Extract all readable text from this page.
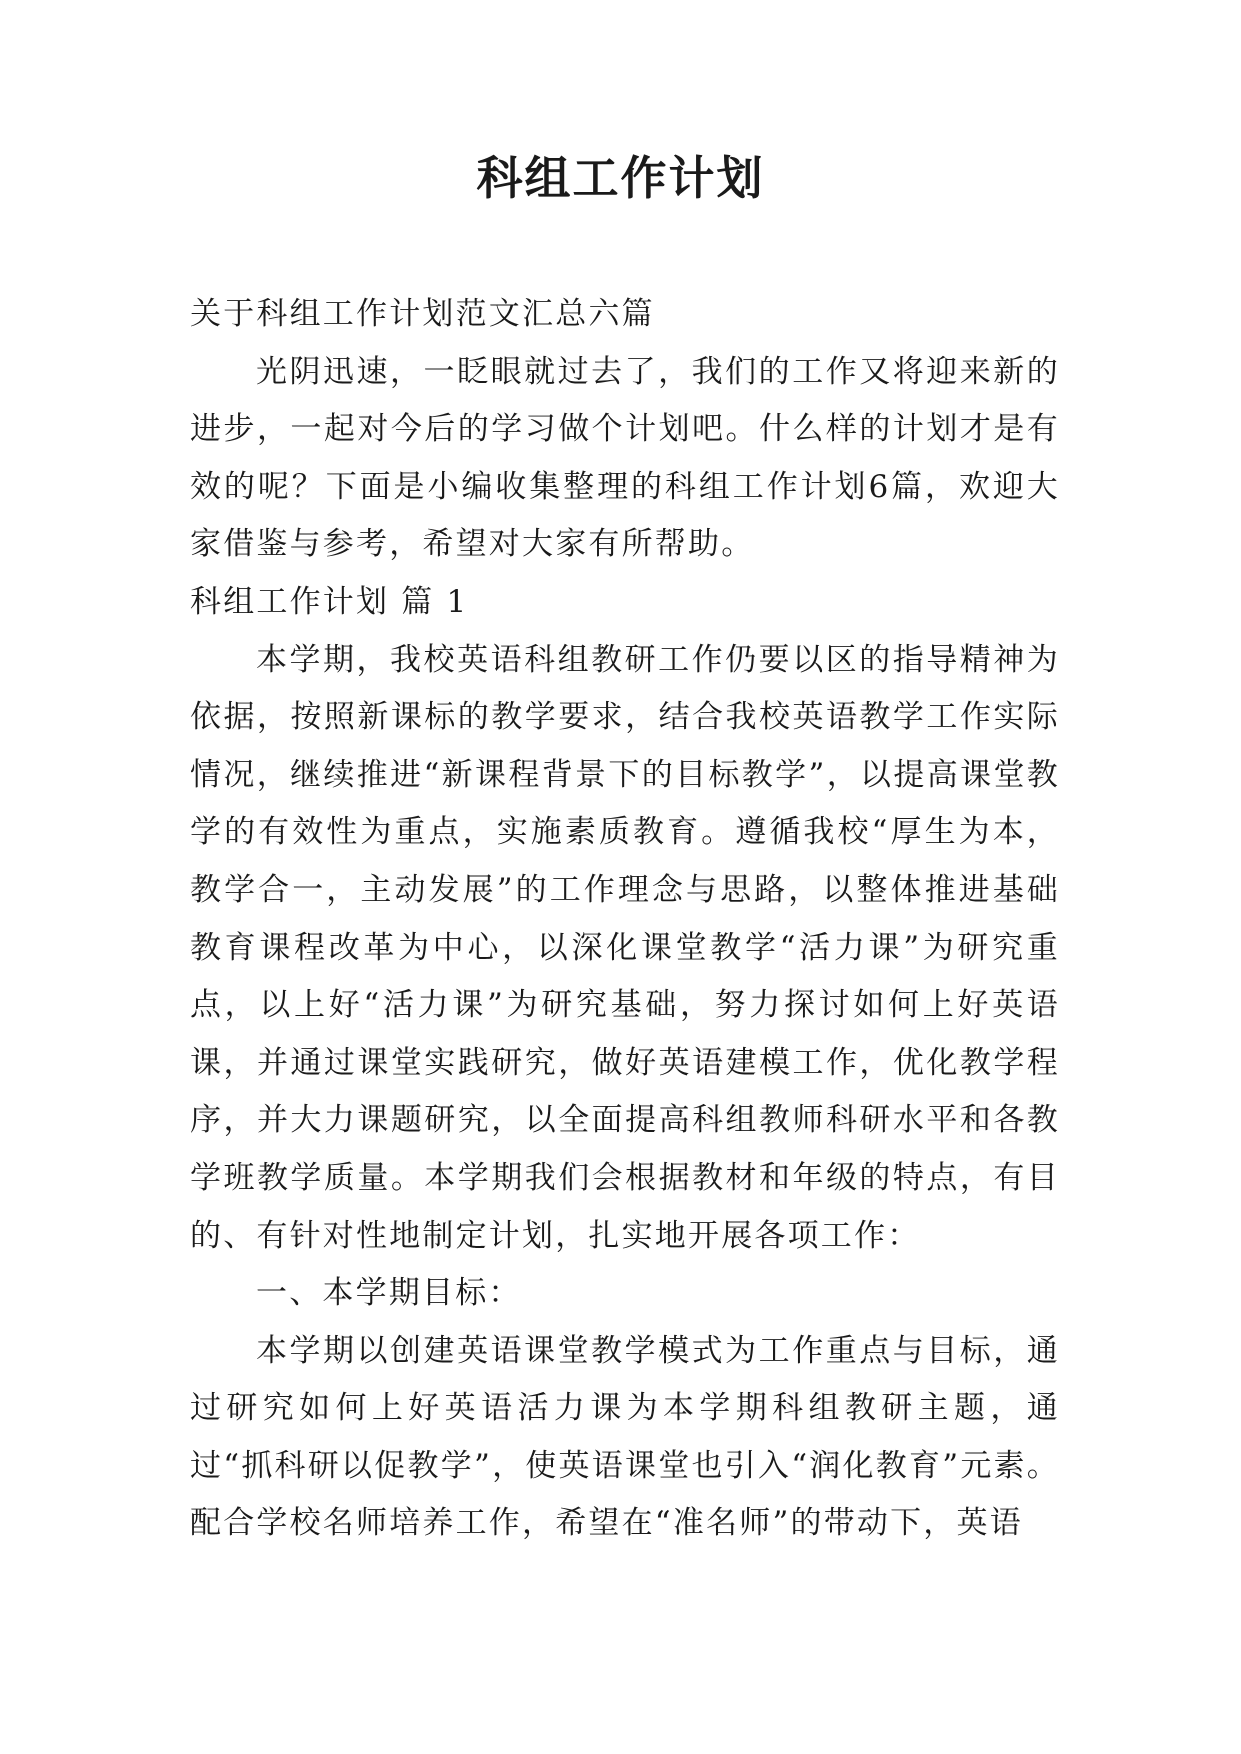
科组工作计划

关于科组工作计划范文汇总六篇

光阴迅速，一眨眼就过去了，我们的工作又将迎来新的进步，一起对今后的学习做个计划吧。什么样的计划才是有效的呢？下面是小编收集整理的科组工作计划6篇，欢迎大家借鉴与参考，希望对大家有所帮助。

科组工作计划 篇 1

本学期，我校英语科组教研工作仍要以区的指导精神为依据，按照新课标的教学要求，结合我校英语教学工作实际情况，继续推进“新课程背景下的目标教学”，以提高课堂教学的有效性为重点，实施素质教育。遵循我校“厚生为本，教学合一，主动发展”的工作理念与思路，以整体推进基础教育课程改革为中心，以深化课堂教学“活力课”为研究重点，以上好“活力课”为研究基础，努力探讨如何上好英语课，并通过课堂实践研究，做好英语建模工作，优化教学程序，并大力课题研究，以全面提高科组教师科研水平和各教学班教学质量。本学期我们会根据教材和年级的特点，有目的、有针对性地制定计划，扎实地开展各项工作：

一、本学期目标：

本学期以创建英语课堂教学模式为工作重点与目标，通过研究如何上好英语活力课为本学期科组教研主题，通过“抓科研以促教学”，使英语课堂也引入“润化教育”元素。配合学校名师培养工作，希望在“准名师”的带动下，英语
